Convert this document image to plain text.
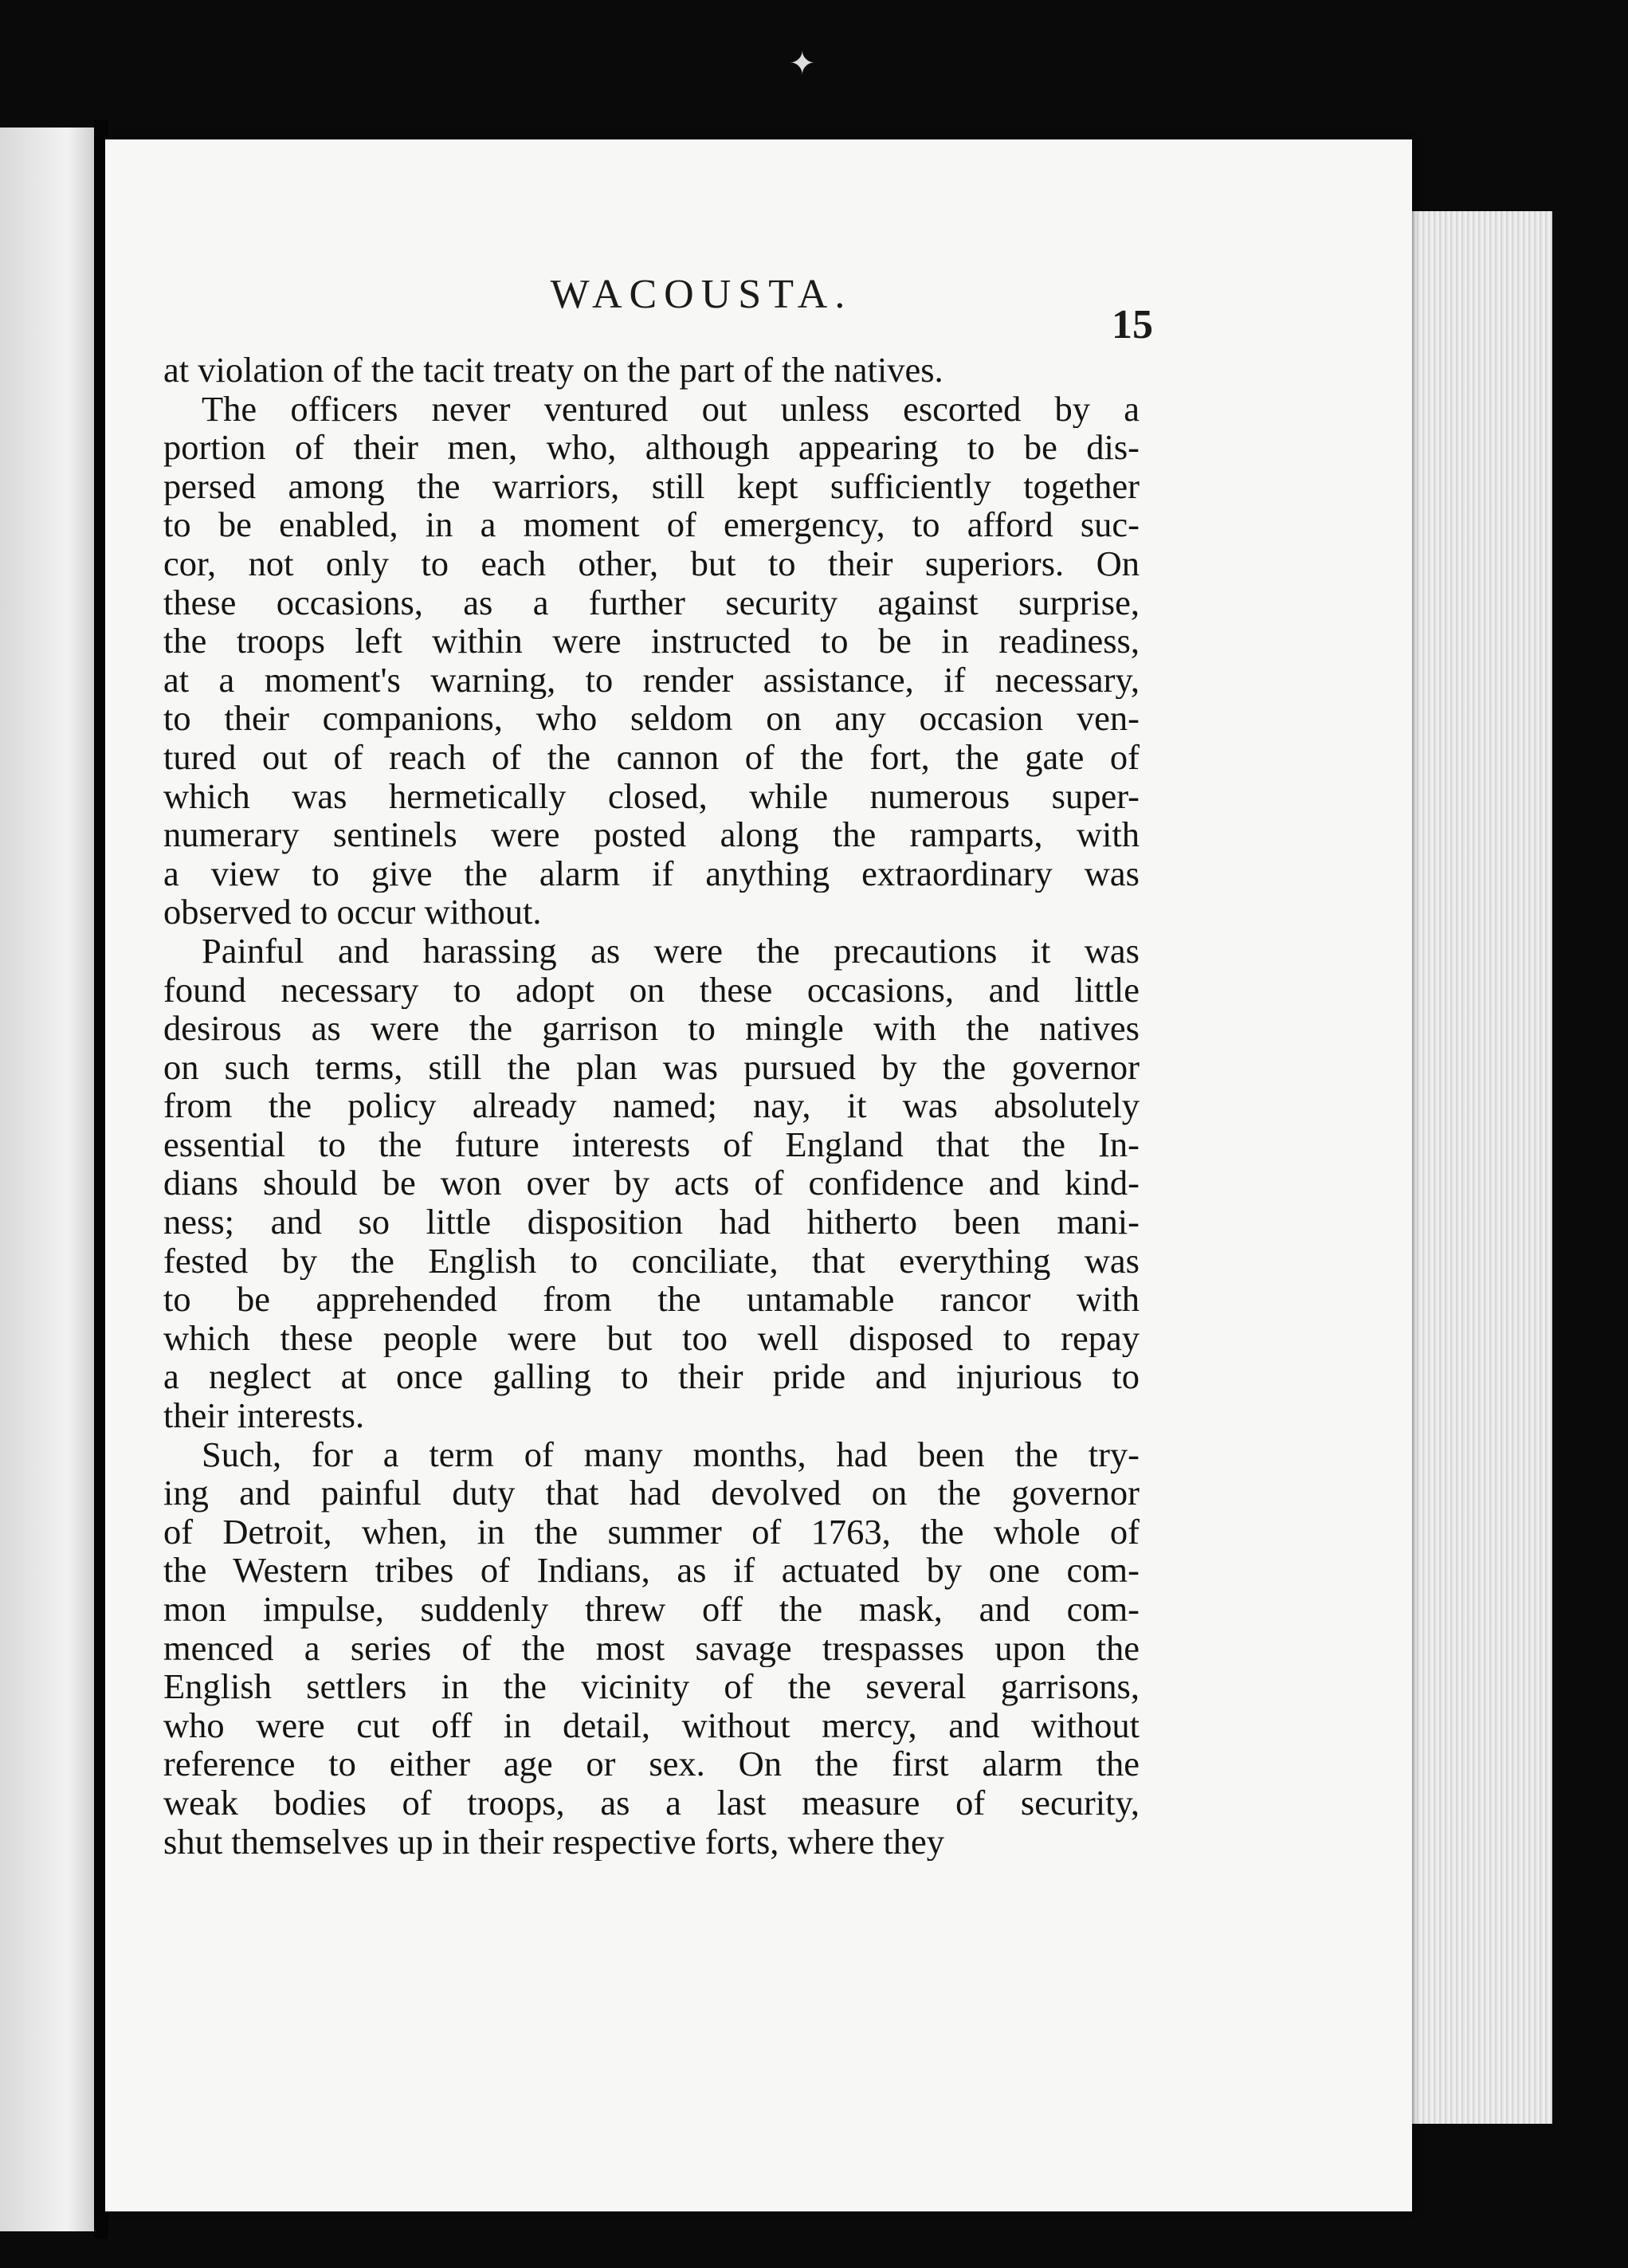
✦
WACOUSTA.
15
at violation of the tacit treaty on the part of the natives.
The officers never ventured out unless escorted by a
portion of their men, who, although appearing to be dis-
persed among the warriors, still kept sufficiently together
to be enabled, in a moment of emergency, to afford suc-
cor, not only to each other, but to their superiors. On
these occasions, as a further security against surprise,
the troops left within were instructed to be in readiness,
at a moment's warning, to render assistance, if necessary,
to their companions, who seldom on any occasion ven-
tured out of reach of the cannon of the fort, the gate of
which was hermetically closed, while numerous super-
numerary sentinels were posted along the ramparts, with
a view to give the alarm if anything extraordinary was
observed to occur without.
Painful and harassing as were the precautions it was
found necessary to adopt on these occasions, and little
desirous as were the garrison to mingle with the natives
on such terms, still the plan was pursued by the governor
from the policy already named; nay, it was absolutely
essential to the future interests of England that the In-
dians should be won over by acts of confidence and kind-
ness; and so little disposition had hitherto been mani-
fested by the English to conciliate, that everything was
to be apprehended from the untamable rancor with
which these people were but too well disposed to repay
a neglect at once galling to their pride and injurious to
their interests.
Such, for a term of many months, had been the try-
ing and painful duty that had devolved on the governor
of Detroit, when, in the summer of 1763, the whole of
the Western tribes of Indians, as if actuated by one com-
mon impulse, suddenly threw off the mask, and com-
menced a series of the most savage trespasses upon the
English settlers in the vicinity of the several garrisons,
who were cut off in detail, without mercy, and without
reference to either age or sex. On the first alarm the
weak bodies of troops, as a last measure of security,
shut themselves up in their respective forts, where they
